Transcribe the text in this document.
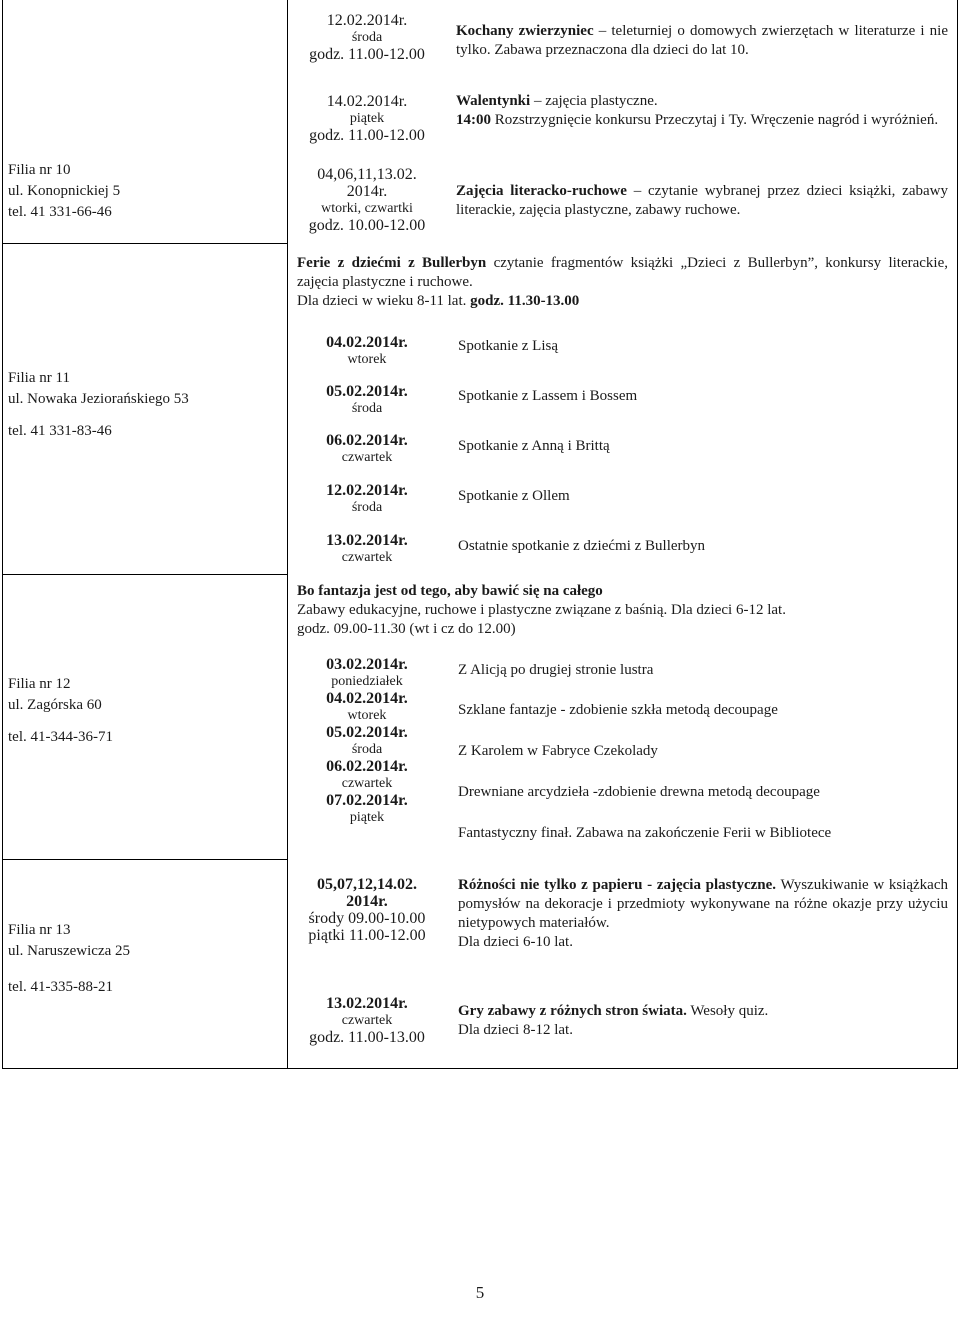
Filia nr 10
ul. Konopnickiej 5
tel. 41 331-66-46
Filia nr 11
ul. Nowaka Jeziorańskiego 53
tel. 41 331-83-46
Filia nr 12
ul. Zagórska 60
tel. 41-344-36-71
Filia nr 13
ul. Naruszewicza 25
tel. 41-335-88-21
12.02.2014r.
środa
godz. 11.00-12.00
Kochany zwierzyniec – teleturniej o domowych zwierzętach w literaturze i nie tylko. Zabawa przeznaczona dla dzieci do lat 10.
14.02.2014r.
piątek
godz. 11.00-12.00
Walentynki – zajęcia plastyczne.
14:00 Rozstrzygnięcie konkursu Przeczytaj i Ty. Wręczenie nagród i wyróżnień.
04,06,11,13.02. 2014r.
wtorki, czwartki
godz. 10.00-12.00
Zajęcia literacko-ruchowe – czytanie wybranej przez dzieci książki, zabawy literackie, zajęcia plastyczne, zabawy ruchowe.
Ferie z dziećmi z Bullerbyn czytanie fragmentów książki „Dzieci z Bullerbyn”, konkursy literackie, zajęcia plastyczne i ruchowe.
Dla dzieci w wieku 8-11 lat. godz. 11.30-13.00
04.02.2014r.
wtorek
Spotkanie z Lisą
05.02.2014r.
środa
Spotkanie z Lassem i Bossem
06.02.2014r.
czwartek
Spotkanie z Anną i Brittą
12.02.2014r.
środa
Spotkanie z Ollem
13.02.2014r.
czwartek
Ostatnie spotkanie z dziećmi z Bullerbyn
Bo fantazja jest od tego, aby bawić się na całego
Zabawy edukacyjne, ruchowe i plastyczne związane z baśnią. Dla dzieci 6-12 lat.
godz. 09.00-11.30 (wt i cz do 12.00)
03.02.2014r.
poniedziałek
04.02.2014r.
wtorek
05.02.2014r.
środa
06.02.2014r.
czwartek
07.02.2014r.
piątek
Z Alicją po drugiej stronie lustra
Szklane fantazje - zdobienie szkła metodą decoupage
Z Karolem w Fabryce Czekolady
Drewniane arcydzieła -zdobienie drewna metodą decoupage
Fantastyczny finał. Zabawa na zakończenie Ferii w Bibliotece
05,07,12,14.02. 2014r.
środy 09.00-10.00
piątki 11.00-12.00
Różności nie tylko z papieru - zajęcia plastyczne. Wyszukiwanie w książkach pomysłów na dekoracje i przedmioty wykonywane na różne okazje przy użyciu nietypowych materiałów.
Dla dzieci 6-10 lat.
13.02.2014r.
czwartek
godz. 11.00-13.00
Gry zabawy z różnych stron świata. Wesoły quiz.
Dla dzieci 8-12 lat.
5
